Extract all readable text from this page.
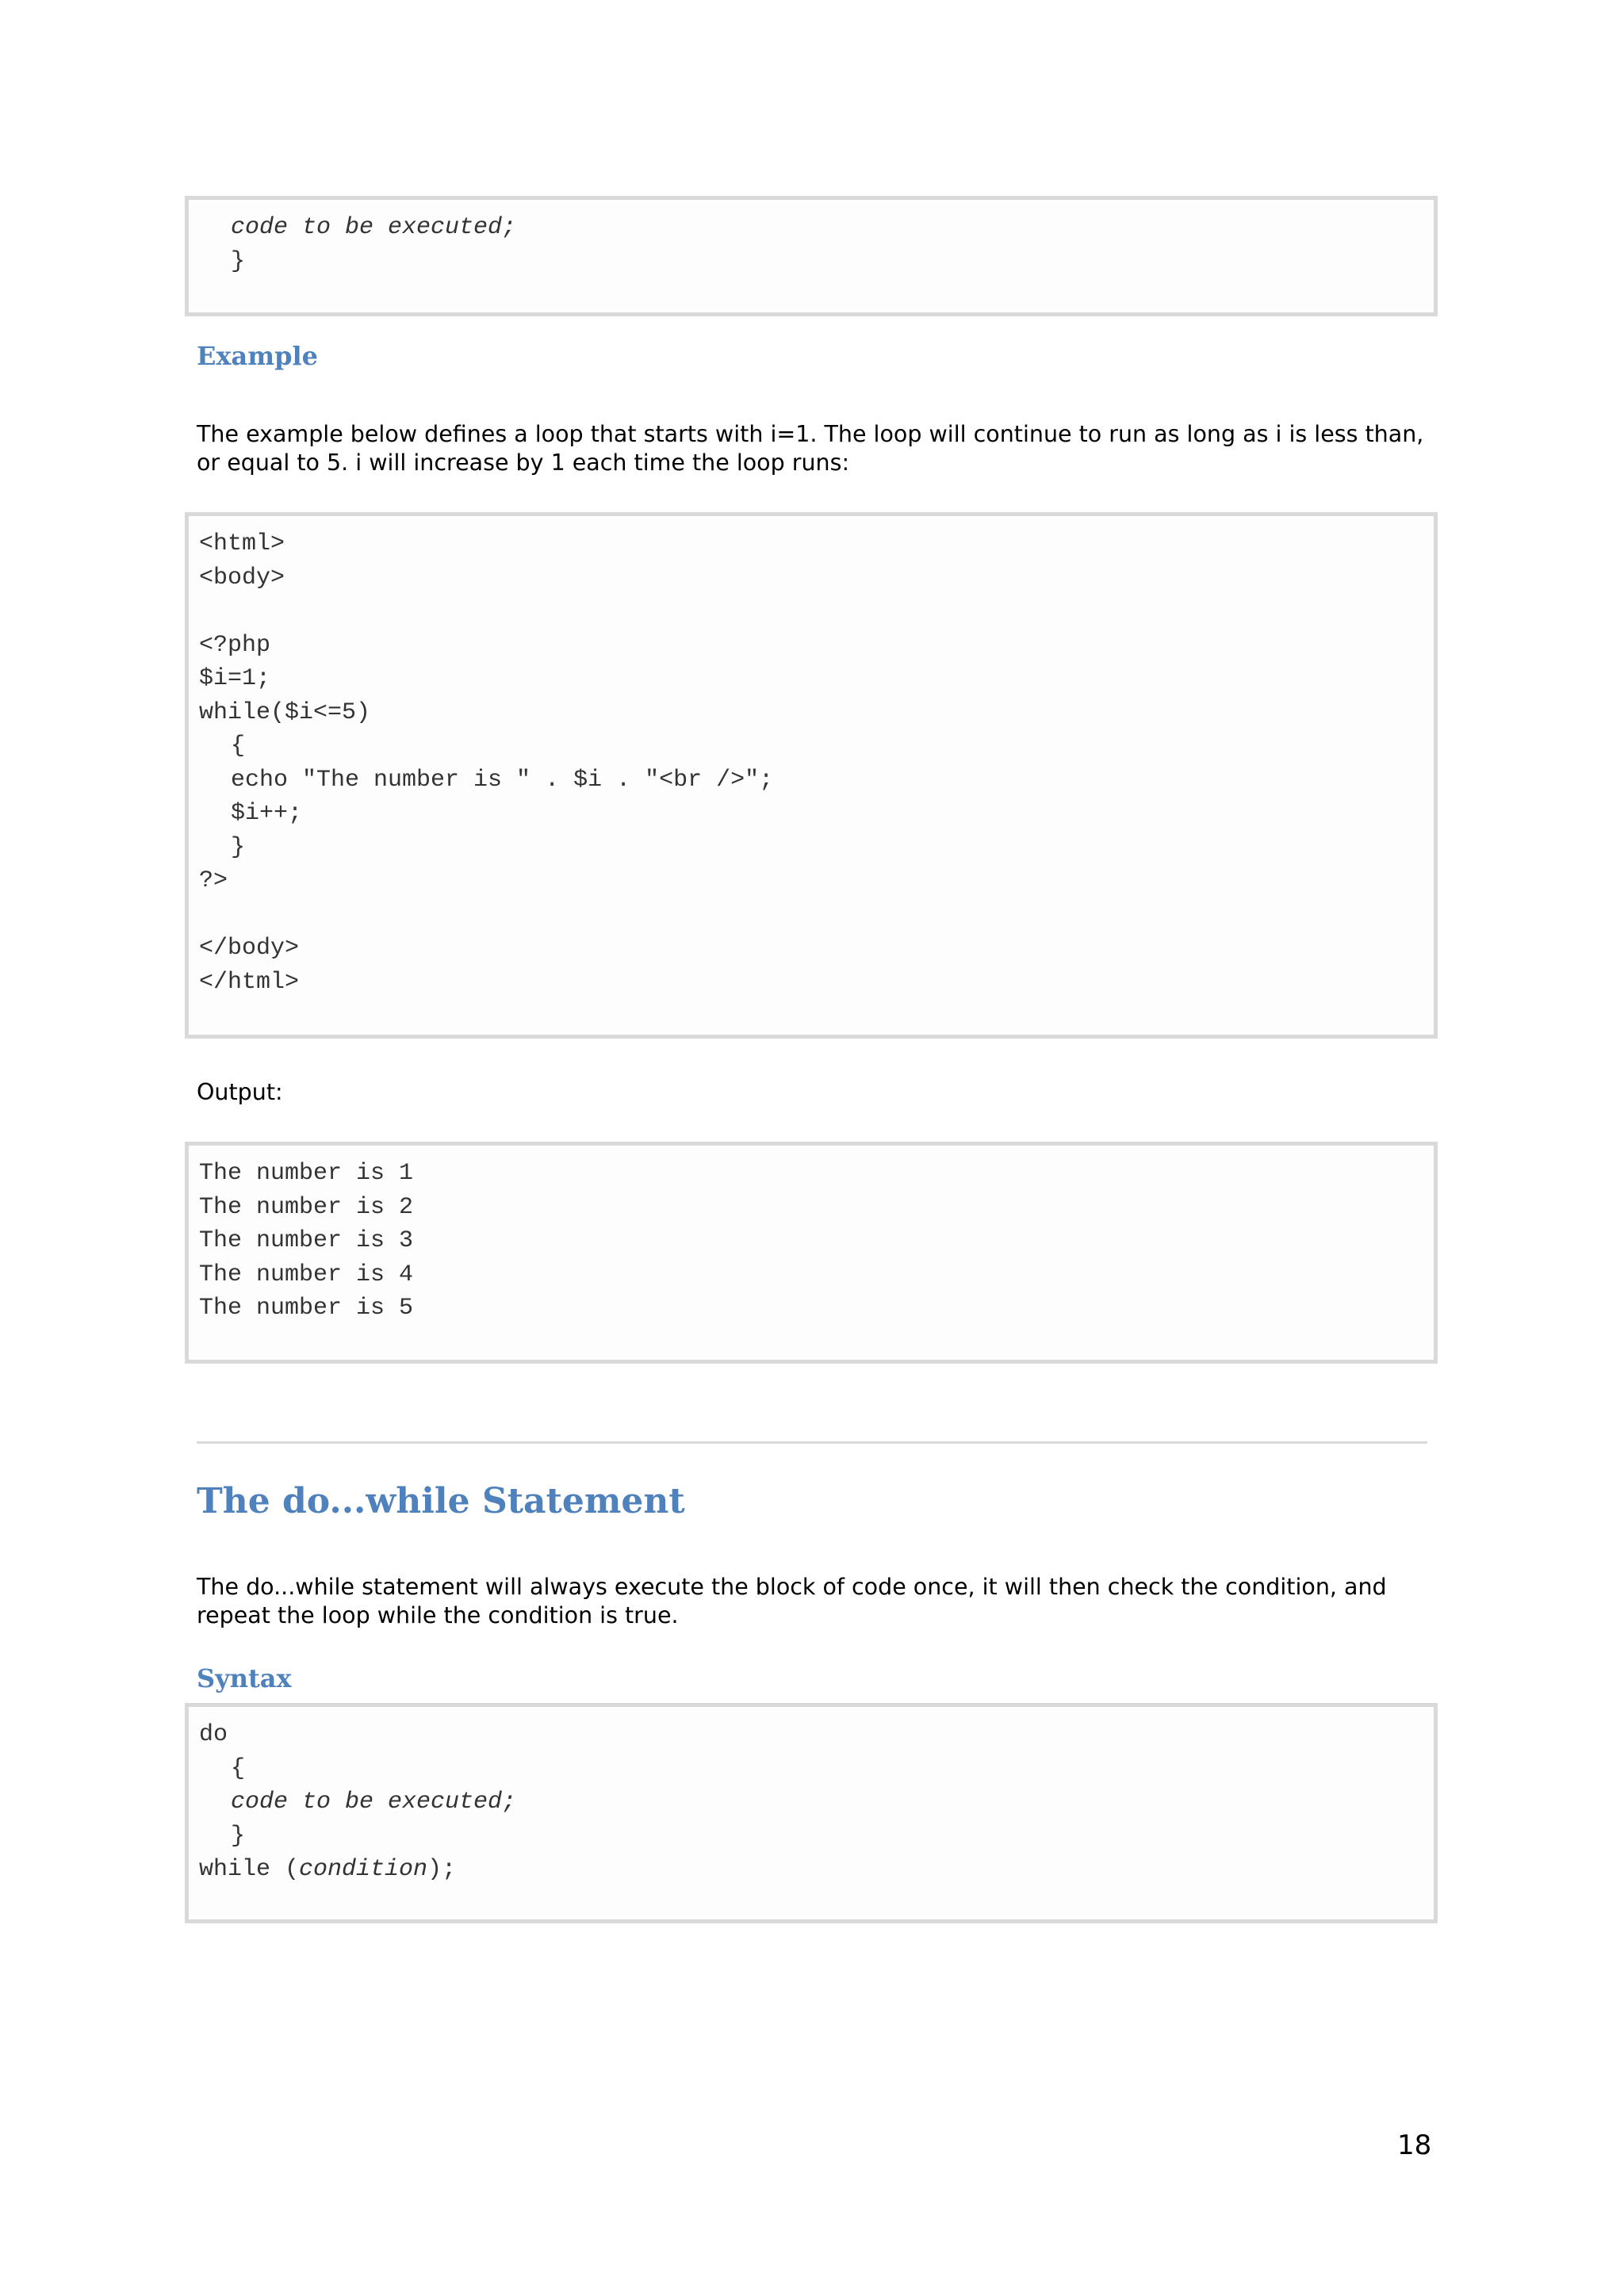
code to be executed;
}
Example
The example below defines a loop that starts with i=1. The loop will continue to run as long as i is less than, or equal to 5. i will increase by 1 each time the loop runs:
<html>
<body>
<?php
$i=1;
while($i<=5)
{
echo "The number is " . $i . "<br />";
$i++;
}
?>
</body>
</html>
Output:
The number is 1
The number is 2
The number is 3
The number is 4
The number is 5
The do...while Statement
The do...while statement will always execute the block of code once, it will then check the condition, and repeat the loop while the condition is true.
Syntax
do
{
code to be executed;
}
while (condition);
18
